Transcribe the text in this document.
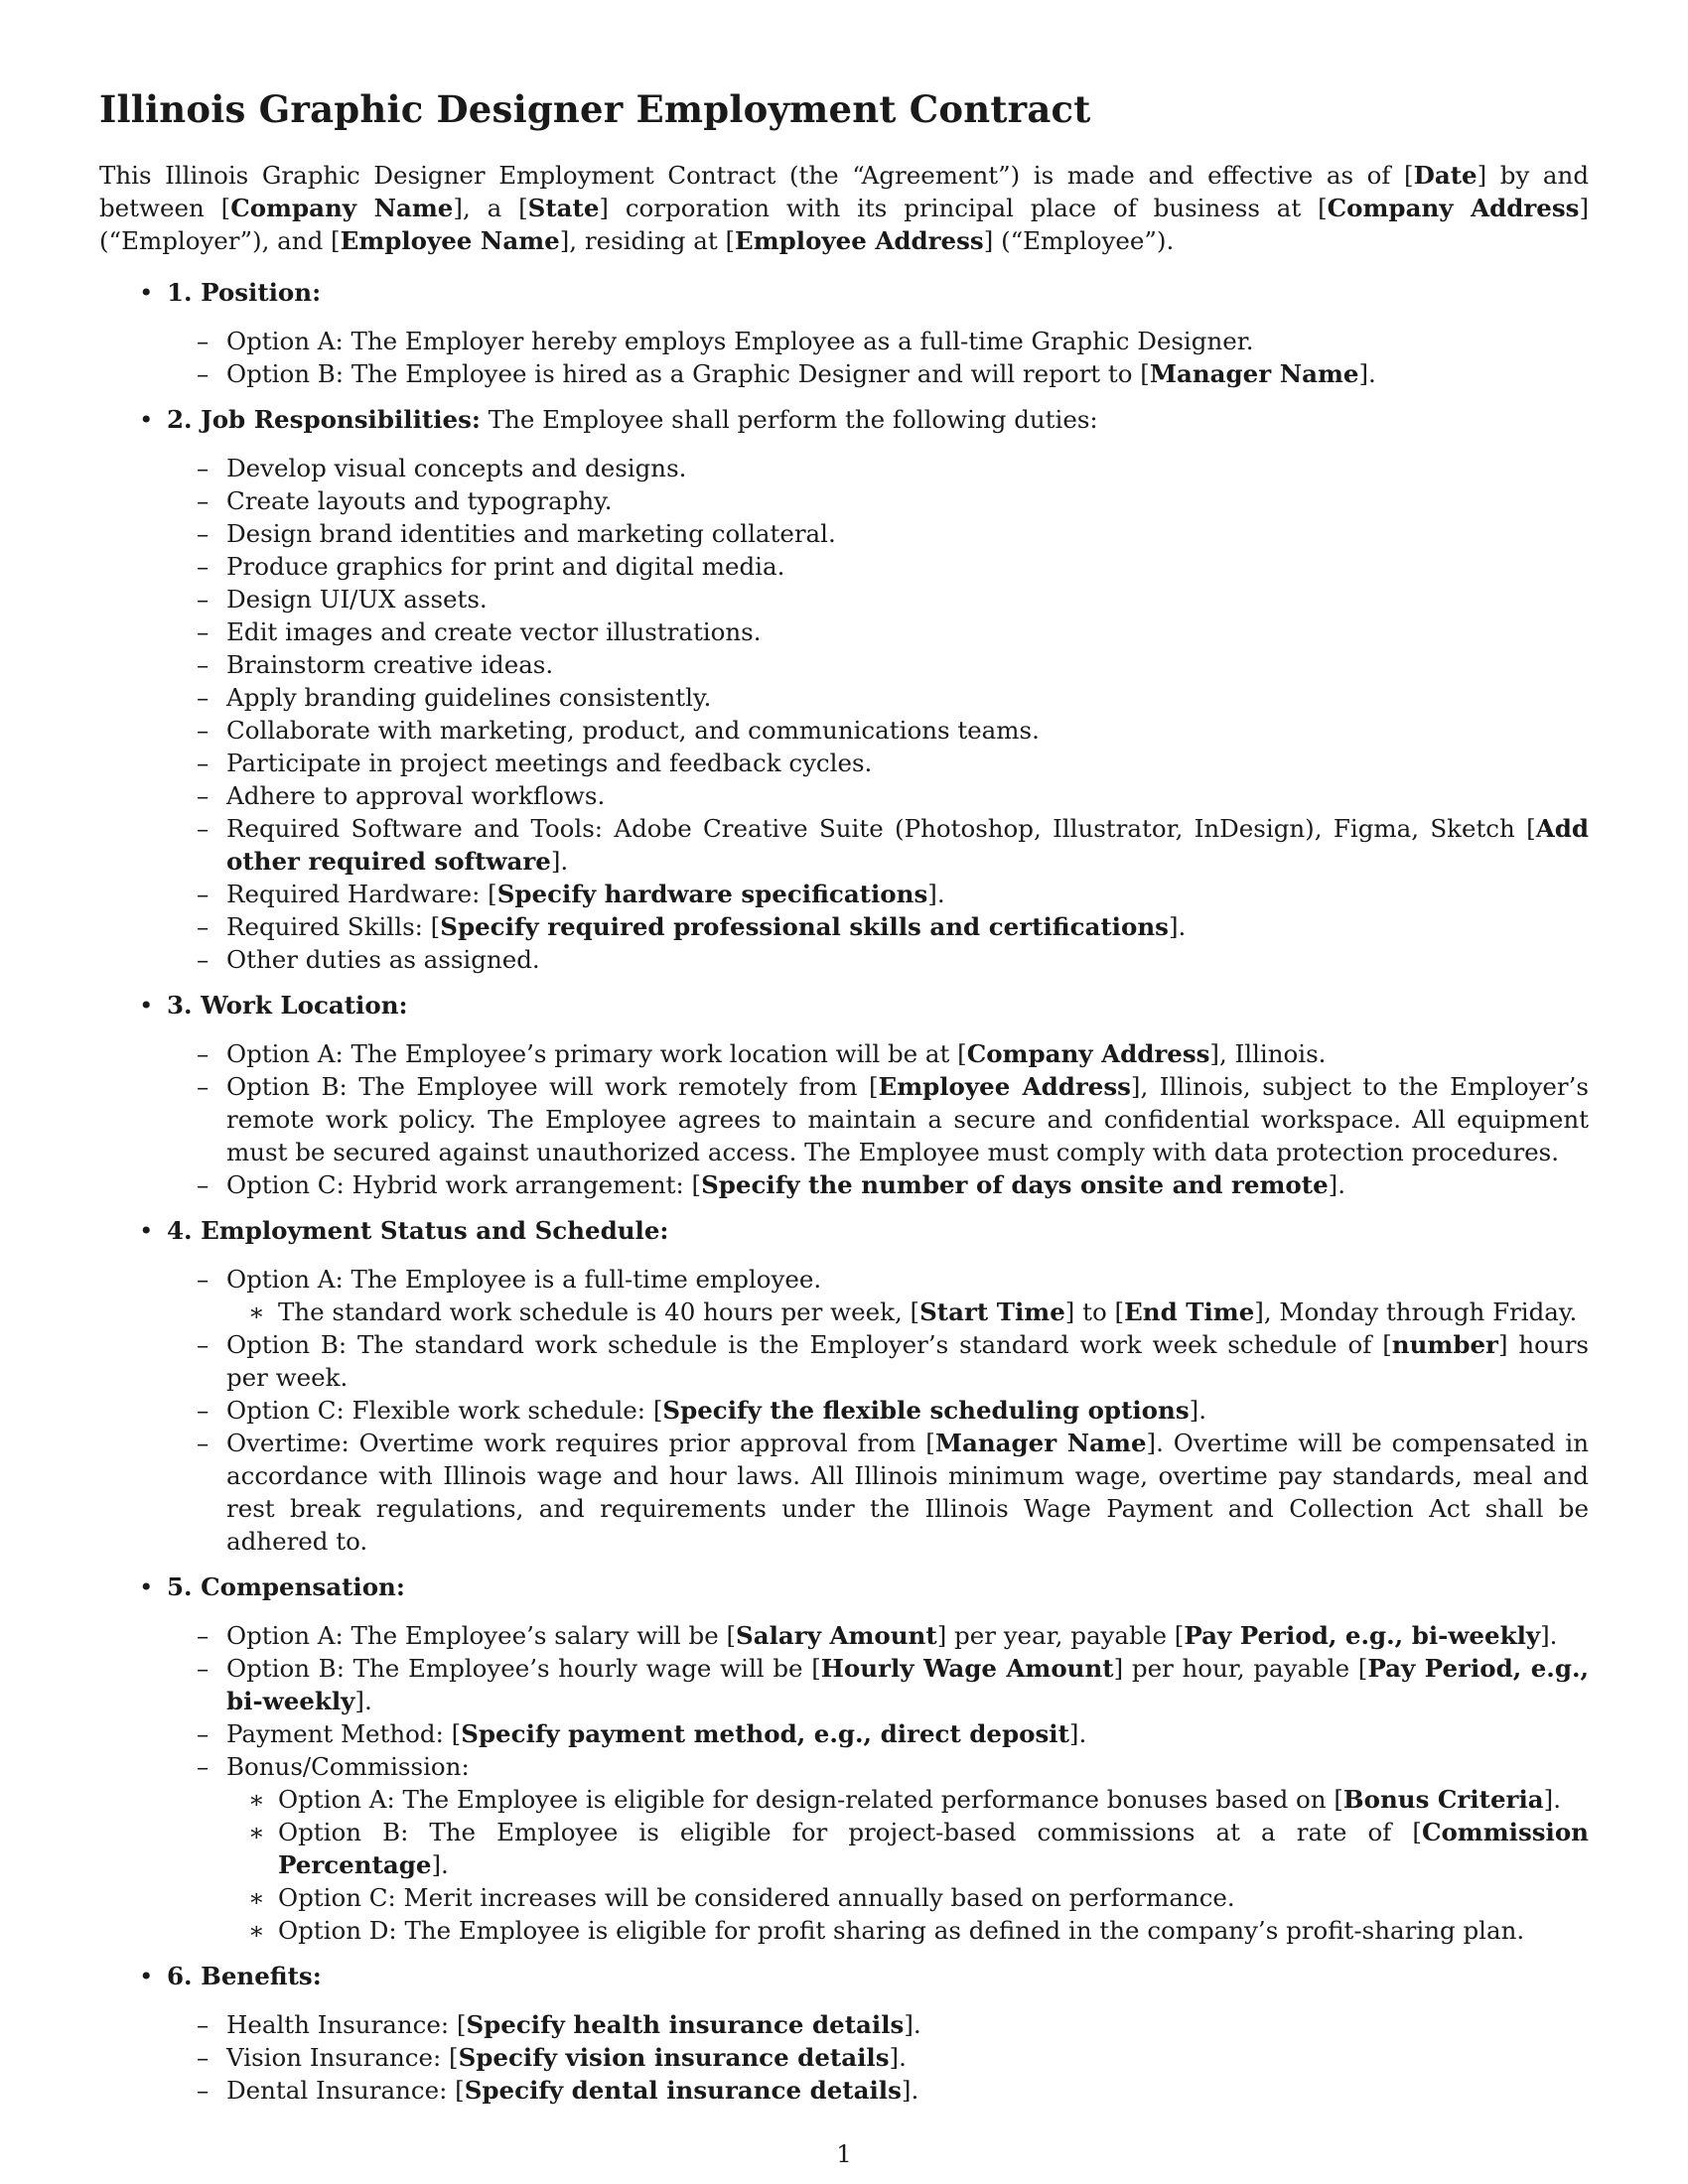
Illinois Graphic Designer Employment Contract

This Illinois Graphic Designer Employment Contract (the “Agreement”) is made and effective as of [Date] by and between [Company Name], a [State] corporation with its principal place of business at [Company Address] (“Employer”), and [Employee Name], residing at [Employee Address] (“Employee”).

• 1. Position:
– Option A: The Employer hereby employs Employee as a full-time Graphic Designer.
– Option B: The Employee is hired as a Graphic Designer and will report to [Manager Name].
• 2. Job Responsibilities: The Employee shall perform the following duties:
– Develop visual concepts and designs.
– Create layouts and typography.
– Design brand identities and marketing collateral.
– Produce graphics for print and digital media.
– Design UI/UX assets.
– Edit images and create vector illustrations.
– Brainstorm creative ideas.
– Apply branding guidelines consistently.
– Collaborate with marketing, product, and communications teams.
– Participate in project meetings and feedback cycles.
– Adhere to approval workflows.
– Required Software and Tools: Adobe Creative Suite (Photoshop, Illustrator, InDesign), Figma, Sketch [Add other required software].
– Required Hardware: [Specify hardware specifications].
– Required Skills: [Specify required professional skills and certifications].
– Other duties as assigned.
• 3. Work Location:
– Option A: The Employee’s primary work location will be at [Company Address], Illinois.
– Option B: The Employee will work remotely from [Employee Address], Illinois, subject to the Employer’s remote work policy. The Employee agrees to maintain a secure and confidential workspace. All equipment must be secured against unauthorized access. The Employee must comply with data protection procedures.
– Option C: Hybrid work arrangement: [Specify the number of days onsite and remote].
• 4. Employment Status and Schedule:
– Option A: The Employee is a full-time employee.
∗ The standard work schedule is 40 hours per week, [Start Time] to [End Time], Monday through Friday.
– Option B: The standard work schedule is the Employer’s standard work week schedule of [number] hours per week.
– Option C: Flexible work schedule: [Specify the flexible scheduling options].
– Overtime: Overtime work requires prior approval from [Manager Name]. Overtime will be compensated in accordance with Illinois wage and hour laws. All Illinois minimum wage, overtime pay standards, meal and rest break regulations, and requirements under the Illinois Wage Payment and Collection Act shall be adhered to.
• 5. Compensation:
– Option A: The Employee’s salary will be [Salary Amount] per year, payable [Pay Period, e.g., bi-weekly].
– Option B: The Employee’s hourly wage will be [Hourly Wage Amount] per hour, payable [Pay Period, e.g., bi-weekly].
– Payment Method: [Specify payment method, e.g., direct deposit].
– Bonus/Commission:
∗ Option A: The Employee is eligible for design-related performance bonuses based on [Bonus Criteria].
∗ Option B: The Employee is eligible for project-based commissions at a rate of [Commission Percentage].
∗ Option C: Merit increases will be considered annually based on performance.
∗ Option D: The Employee is eligible for profit sharing as defined in the company’s profit-sharing plan.
• 6. Benefits:
– Health Insurance: [Specify health insurance details].
– Vision Insurance: [Specify vision insurance details].
– Dental Insurance: [Specify dental insurance details].
1
